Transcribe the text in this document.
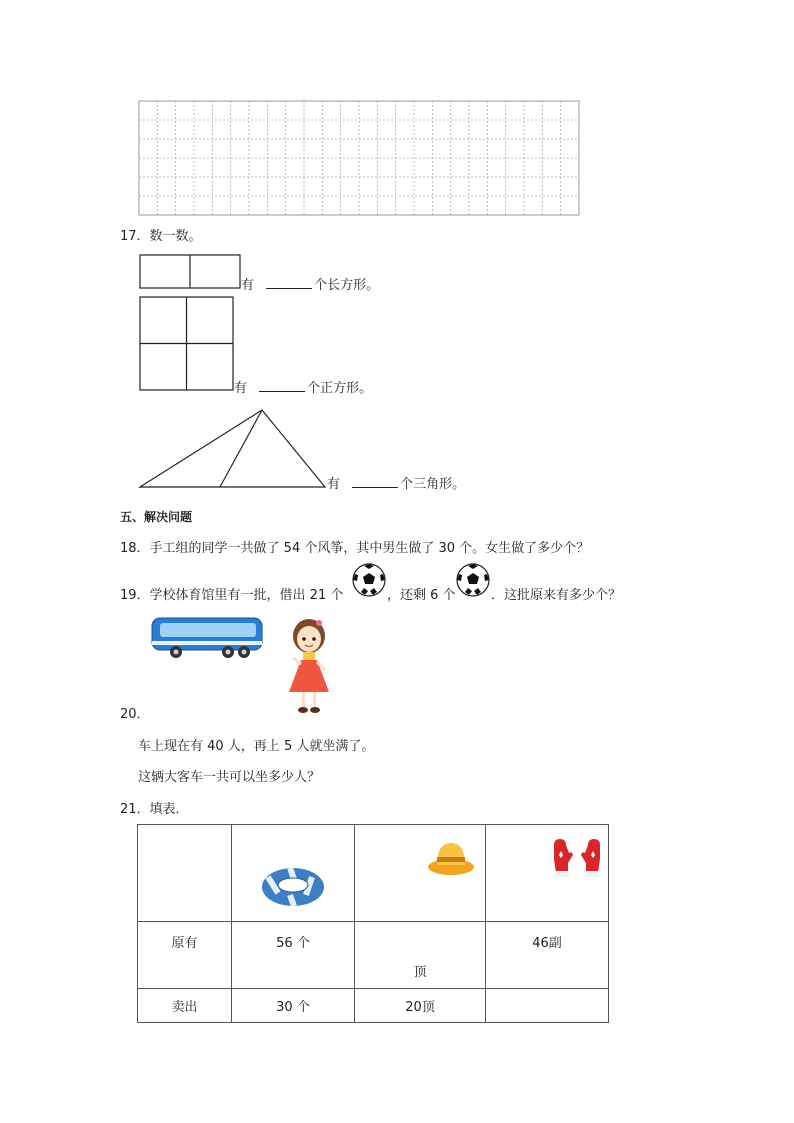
17．数一数。
有	个长方形。
有	个正方形。
有	个三角形。
五、解决问题
18．手工组的同学一共做了 54 个风筝，其中男生做了 30 个。女生做了多少个？
19．学校体育馆里有一批，借出 21 个	，还剩 6 个	．这批原来有多少个？
20．
车上现在有 40 人，再上 5 人就坐满了。
这辆大客车一共可以坐多少人？
21．填表．

原有	56 个	顶	46副
卖出	30 个	20顶	
